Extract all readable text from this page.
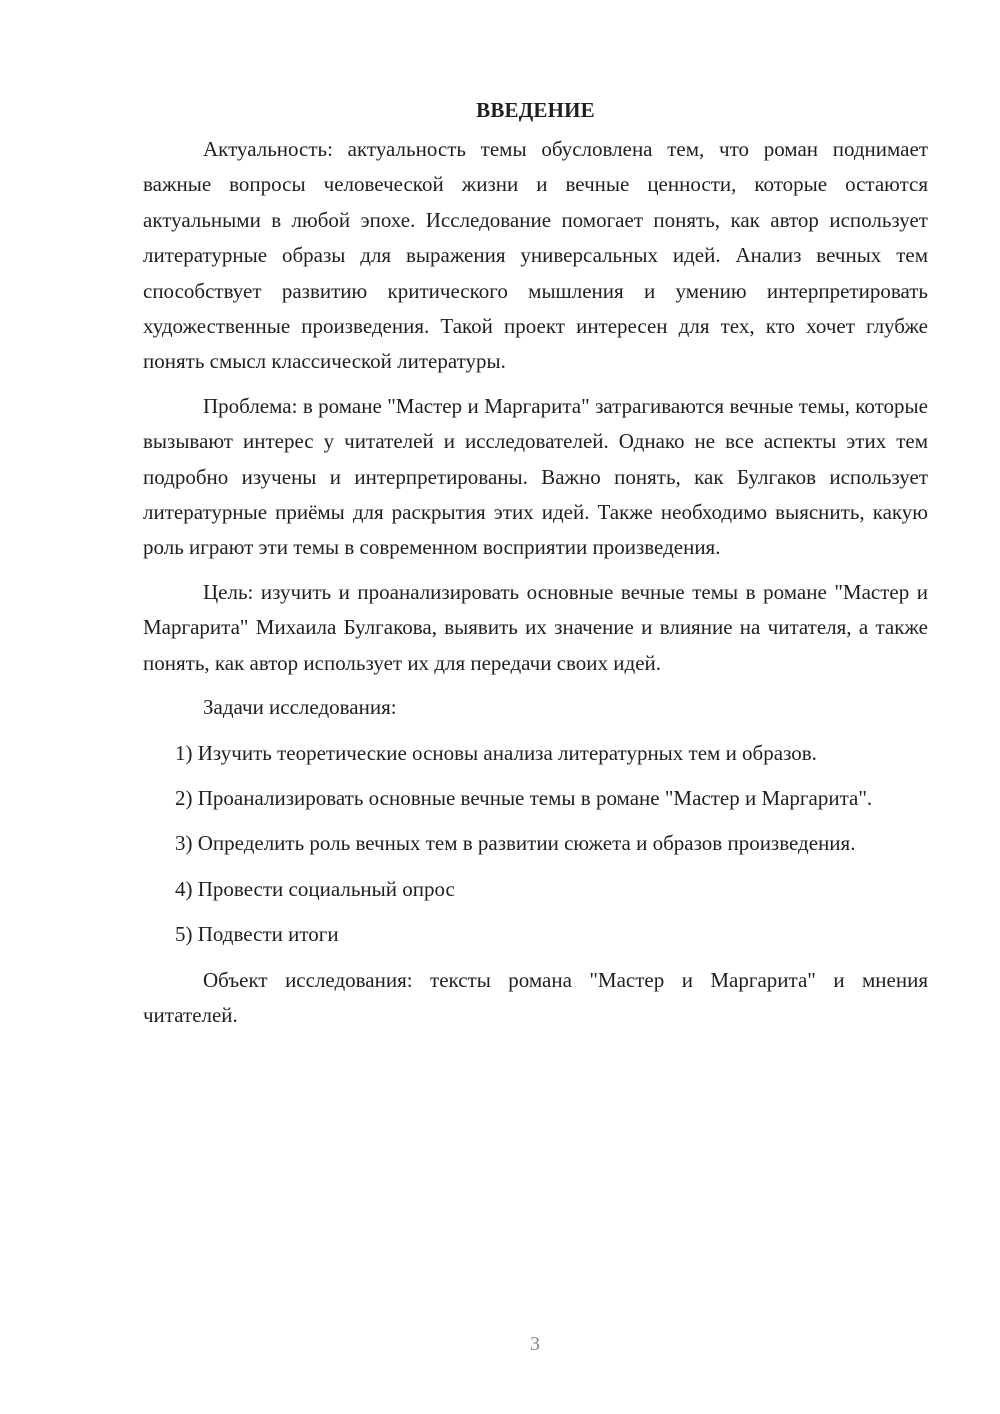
ВВЕДЕНИЕ

Актуальность: актуальность темы обусловлена тем, что роман поднимает важные вопросы человеческой жизни и вечные ценности, которые остаются актуальными в любой эпохе. Исследование помогает понять, как автор использует литературные образы для выражения универсальных идей. Анализ вечных тем способствует развитию критического мышления и умению интерпретировать художественные произведения. Такой проект интересен для тех, кто хочет глубже понять смысл классической литературы.

Проблема: в романе "Мастер и Маргарита" затрагиваются вечные темы, которые вызывают интерес у читателей и исследователей. Однако не все аспекты этих тем подробно изучены и интерпретированы. Важно понять, как Булгаков использует литературные приёмы для раскрытия этих идей. Также необходимо выяснить, какую роль играют эти темы в современном восприятии произведения.

Цель: изучить и проанализировать основные вечные темы в романе "Мастер и Маргарита" Михаила Булгакова, выявить их значение и влияние на читателя, а также понять, как автор использует их для передачи своих идей.

Задачи исследования:

1) Изучить теоретические основы анализа литературных тем и образов.

2) Проанализировать основные вечные темы в романе "Мастер и Маргарита".

3) Определить роль вечных тем в развитии сюжета и образов произведения.

4) Провести социальный опрос

5) Подвести итоги

Объект исследования: тексты романа "Мастер и Маргарита" и мнения читателей.

3
